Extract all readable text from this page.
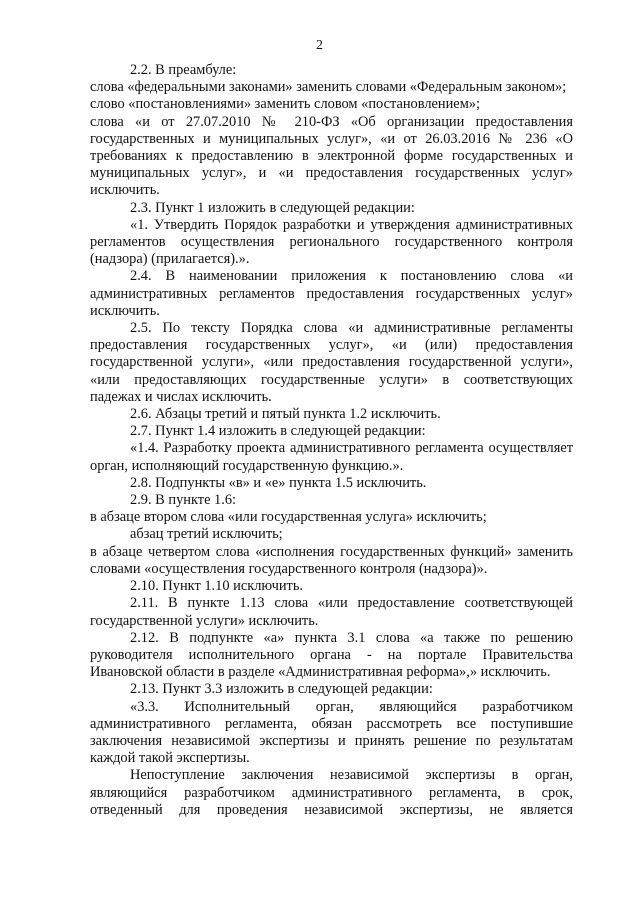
2

2.2. В преамбуле:

слова «федеральными законами» заменить словами «Федеральным законом»;

слово «постановлениями» заменить словом «постановлением»;

слова «и от 27.07.2010 № 210-ФЗ «Об организации предоставления государственных и муниципальных услуг», «и от 26.03.2016 № 236 «О требованиях к предоставлению в электронной форме государственных и муниципальных услуг», и «и предоставления государственных услуг» исключить.

2.3. Пункт 1 изложить в следующей редакции:

«1. Утвердить Порядок разработки и утверждения административных регламентов осуществления регионального государственного контроля (надзора) (прилагается).».

2.4. В наименовании приложения к постановлению слова «и административных регламентов предоставления государственных услуг» исключить.

2.5. По тексту Порядка слова «и административные регламенты предоставления государственных услуг», «и (или) предоставления государственной услуги», «или предоставления государственной услуги», «или предоставляющих государственные услуги» в соответствующих падежах и числах исключить.

2.6. Абзацы третий и пятый пункта 1.2 исключить.

2.7. Пункт 1.4 изложить в следующей редакции:

«1.4. Разработку проекта административного регламента осуществляет орган, исполняющий государственную функцию.».

2.8. Подпункты «в» и «е» пункта 1.5 исключить.

2.9. В пункте 1.6:

в абзаце втором слова «или государственная услуга» исключить;

абзац третий исключить;

в абзаце четвертом слова «исполнения государственных функций» заменить словами «осуществления государственного контроля (надзора)».

2.10. Пункт 1.10 исключить.

2.11. В пункте 1.13 слова «или предоставление соответствующей государственной услуги» исключить.

2.12. В подпункте «а» пункта 3.1 слова «а также по решению руководителя исполнительного органа - на портале Правительства Ивановской области в разделе «Административная реформа»,» исключить.

2.13. Пункт 3.3 изложить в следующей редакции:

«3.3. Исполнительный орган, являющийся разработчиком административного регламента, обязан рассмотреть все поступившие заключения независимой экспертизы и принять решение по результатам каждой такой экспертизы.

Непоступление заключения независимой экспертизы в орган, являющийся разработчиком административного регламента, в срок, отведенный для проведения независимой экспертизы, не является
